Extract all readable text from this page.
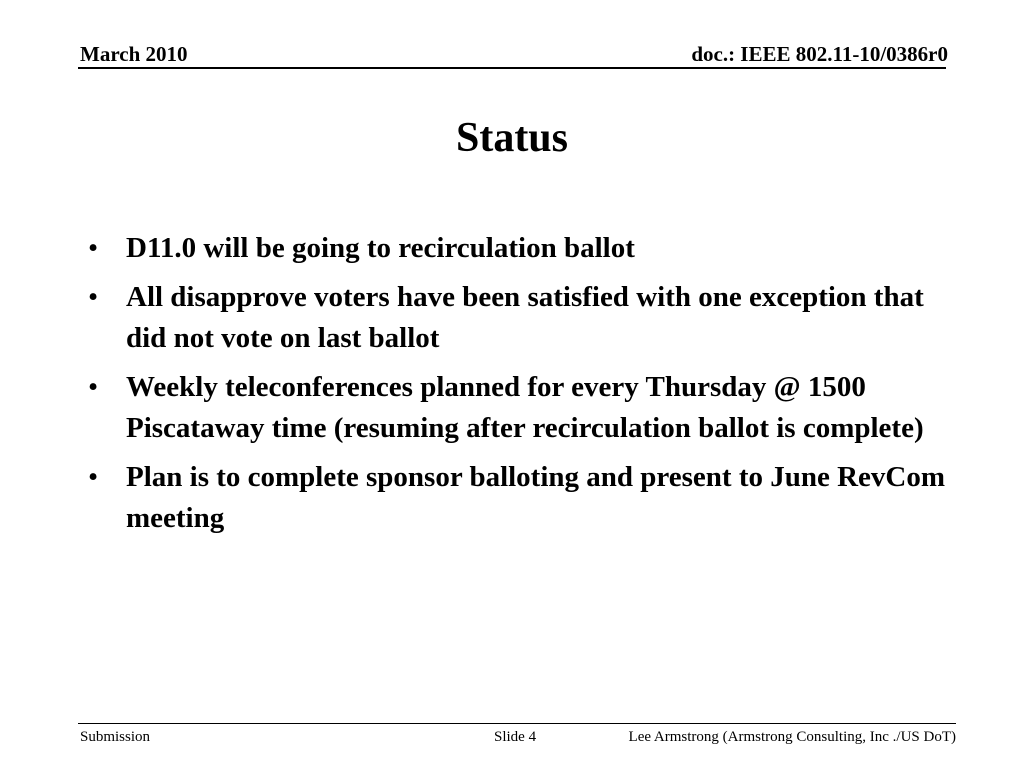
March 2010	doc.: IEEE 802.11-10/0386r0
Status
• D11.0 will be going to recirculation ballot
• All disapprove voters have been satisfied with one exception that did not vote on last ballot
• Weekly teleconferences planned for every Thursday @ 1500 Piscataway time (resuming after recirculation ballot is complete)
• Plan is to complete sponsor balloting and present to June RevCom meeting
Submission	Slide 4	Lee Armstrong (Armstrong Consulting, Inc ./US DoT)
